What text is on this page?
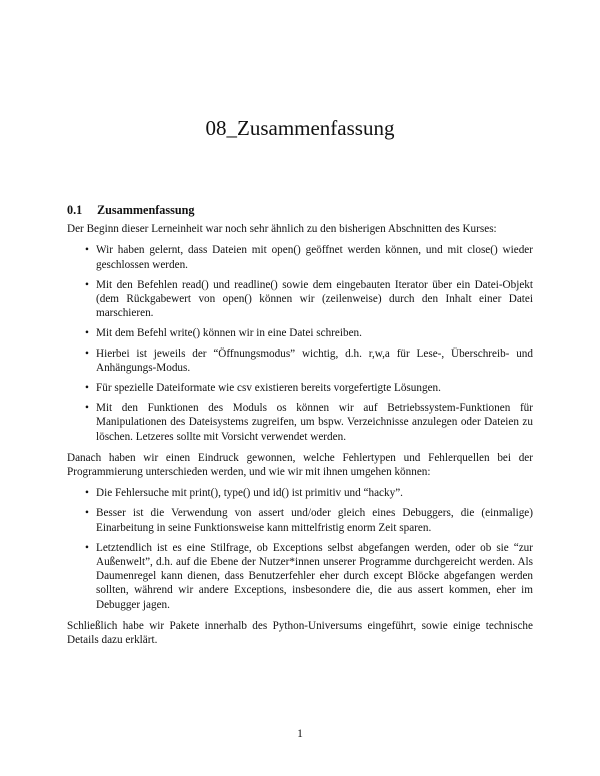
08_Zusammenfassung
0.1 Zusammenfassung

Der Beginn dieser Lerneinheit war noch sehr ähnlich zu den bisherigen Abschnitten des Kurses:

• Wir haben gelernt, dass Dateien mit open() geöffnet werden können, und mit close() wieder geschlossen werden.
• Mit den Befehlen read() und readline() sowie dem eingebauten Iterator über ein Datei-Objekt (dem Rückgabewert von open() können wir (zeilenweise) durch den Inhalt einer Datei marschieren.
• Mit dem Befehl write() können wir in eine Datei schreiben.
• Hierbei ist jeweils der “Öffnungsmodus” wichtig, d.h. r,w,a für Lese-, Überschreib- und Anhängungs-Modus.
• Für spezielle Dateiformate wie csv existieren bereits vorgefertigte Lösungen.
• Mit den Funktionen des Moduls os können wir auf Betriebssystem-Funktionen für Manipulationen des Dateisystems zugreifen, um bspw. Verzeichnisse anzulegen oder Dateien zu löschen. Letzeres sollte mit Vorsicht verwendet werden.

Danach haben wir einen Eindruck gewonnen, welche Fehlertypen und Fehlerquellen bei der Programmierung unterschieden werden, und wie wir mit ihnen umgehen können:

• Die Fehlersuche mit print(), type() und id() ist primitiv und “hacky”.
• Besser ist die Verwendung von assert und/oder gleich eines Debuggers, die (einmalige) Einarbeitung in seine Funktionsweise kann mittelfristig enorm Zeit sparen.
• Letztendlich ist es eine Stilfrage, ob Exceptions selbst abgefangen werden, oder ob sie “zur Außenwelt”, d.h. auf die Ebene der Nutzer*innen unserer Programme durchgereicht werden. Als Daumenregel kann dienen, dass Benutzerfehler eher durch except Blöcke abgefangen werden sollten, während wir andere Exceptions, insbesondere die, die aus assert kommen, eher im Debugger jagen.

Schließlich habe wir Pakete innerhalb des Python-Universums eingeführt, sowie einige technische Details dazu erklärt.

1
